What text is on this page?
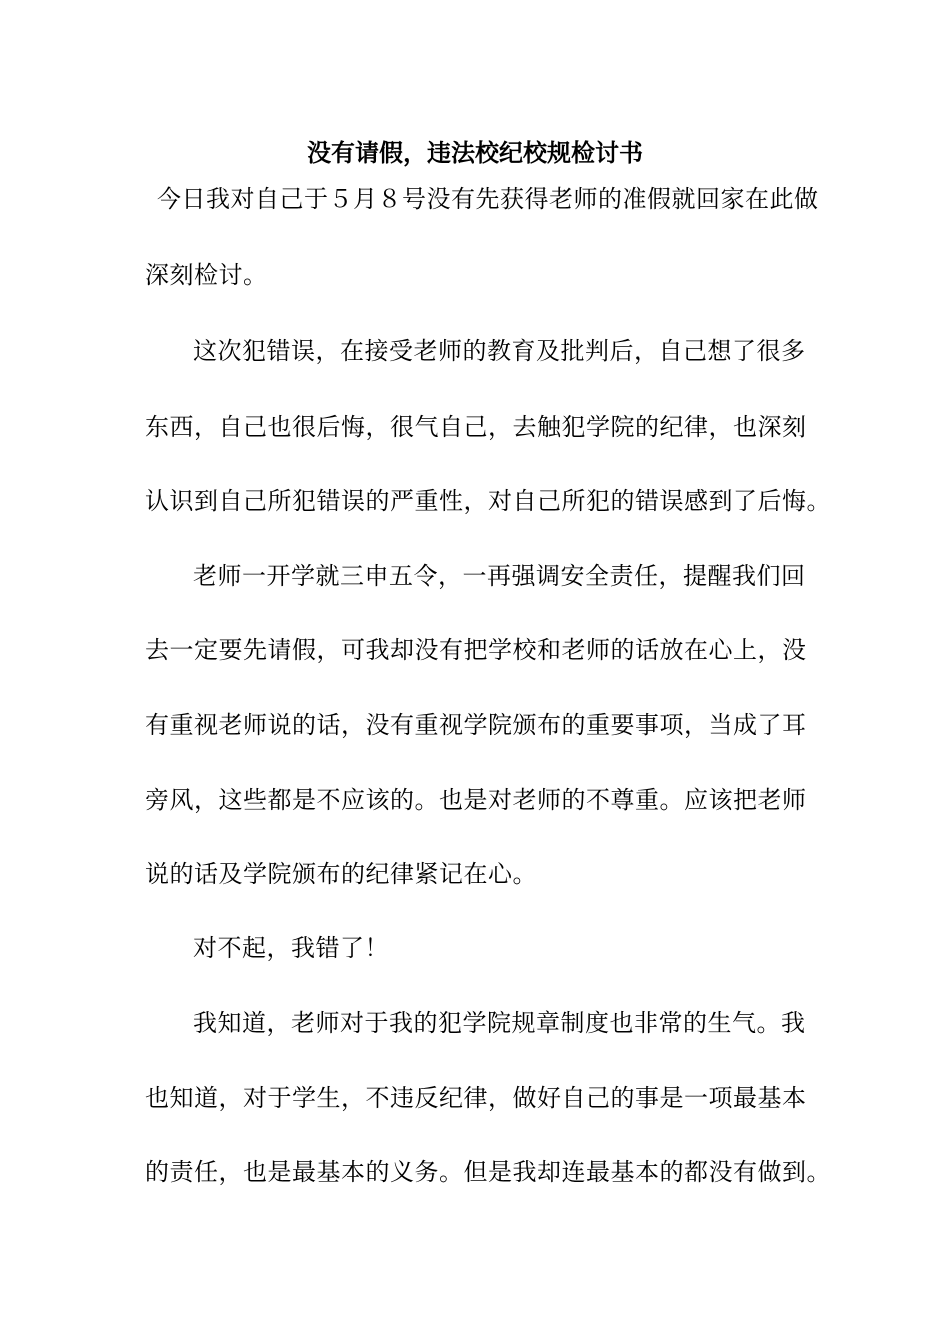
没有请假，违法校纪校规检讨书
今日我对自己于５月８号没有先获得老师的准假就回家在此做
深刻检讨。
这次犯错误，在接受老师的教育及批判后，自己想了很多
东西，自己也很后悔，很气自己，去触犯学院的纪律，也深刻
认识到自己所犯错误的严重性，对自己所犯的错误感到了后悔。
老师一开学就三申五令，一再强调安全责任，提醒我们回
去一定要先请假，可我却没有把学校和老师的话放在心上，没
有重视老师说的话，没有重视学院颁布的重要事项，当成了耳
旁风，这些都是不应该的。也是对老师的不尊重。应该把老师
说的话及学院颁布的纪律紧记在心。
对不起，我错了！
我知道，老师对于我的犯学院规章制度也非常的生气。我
也知道，对于学生，不违反纪律，做好自己的事是一项最基本
的责任，也是最基本的义务。但是我却连最基本的都没有做到。
